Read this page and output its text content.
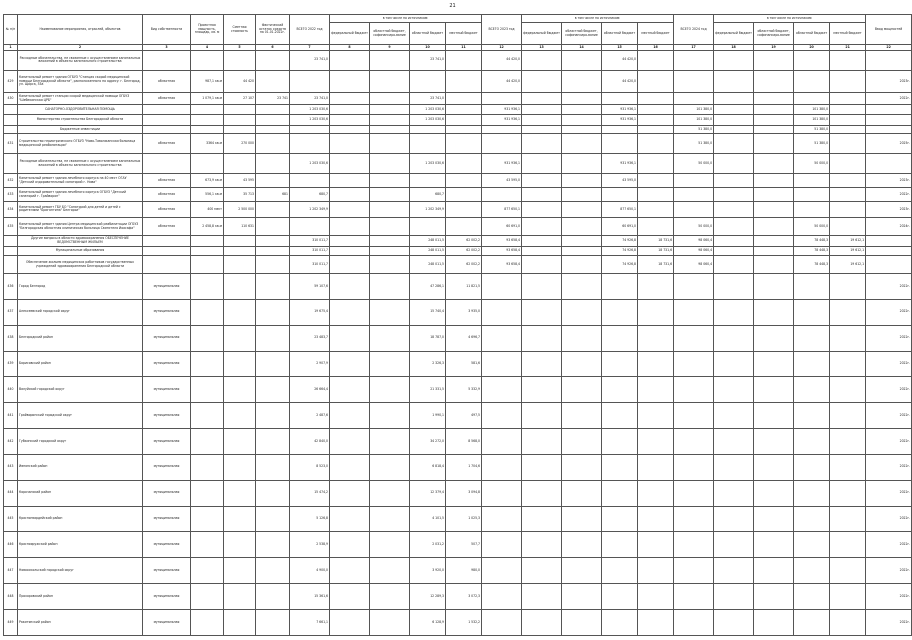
21
№ п/п	Наименование мероприятия, отраслей, объектов	Вид собственности	Проектная мощность, площадь, кв. м	Сметная стоимость	Фактический остаток средств на 01.01.2022г.	ВСЕГО 2022 год	в том числе по источникам:				ВСЕГО 2023 год	в том числе по источникам:				ВСЕГО 2024 год	в том числе по источникам:				Ввод мощностей
							федеральный бюджет	областной бюджет, софинансиро-вание	областной бюджет	местный бюджет		федеральный бюджет	областной бюджет, софинансиро-вание	областной бюджет	местный бюджет		федеральный бюджет	областной бюджет, софинансиро-вание	областной бюджет	местный бюджет	
1	2	3	4	5	6	7	8	9	10	11	12	13	14	15	16	17	18	19	20	21	22
	Расходные обязательства, не связанные с осуществлением капитальных вложений в объекты капитального строительства					23 741,0			23 741,0		44 420,0			44 420,0							
429	Капитальный ремонт здания ОГБУЗ "Станция скорой медицинской помощи Белгородской области", расположенного по адресу: г. Белгород, ул. Щорса, 53а	областная	987,1 кв.м	44 420							44 420,0			44 420,0							2023г.
430	Капитальный ремонт станции скорой медицинской помощи ОГБУЗ "Шебекинская ЦРБ"	областная	1 079,1 кв.м	27 107	23 741	23 741,0			23 741,0												2022г.
	САНАТОРНО-ОЗДОРОВИТЕЛЬНАЯ ПОМОЩЬ					1 203 030,6			1 203 030,6		931 936,1			931 936,1		101 380,0			101 380,0		
	Министерство строительства Белгородской области					1 203 030,6			1 203 030,6		931 936,1			931 936,1		101 380,0			101 380,0		
	Бюджетные инвестиции															51 380,0			51 380,0		
431	Строительство гериатрического ОГБУЗ "Ново-Таволжанская больница медицинской реабилитации"	областная	3364 кв.м	270 000												51 380,0			51 380,0		2025г.
	Расходные обязательства, не связанные с осуществлением капитальных вложений в объекты капитального строительства					1 203 030,6			1 203 030,6		931 936,1			931 936,1		50 000,0			50 000,0		
432	Капитальный ремонт здания лечебного корпуса на 40 мест ОГАУ "Детский оздоровительный санаторий г. Нива"	областная	673,9 кв.м	43 595							43 595,0			43 595,0							2023г.
433	Капитальный ремонт здания лечебного корпуса ОГБУЗ "Детский санаторий г. Грайворон"	областная	556,1 кв.м	35 713	681	680,7			680,7												2022г.
434	Капитальный ремонт ГБУ БО "Санаторий для детей и детей с родителями "Бригантина" Белгорье"	областная	400 мест	2 500 000		1 202 349,9			1 202 349,9		877 650,1			877 650,1							2023г.
435	Капитальный ремонт здания Центра медицинской реабилитации ОГБУЗ "Белгородская областная клиническая больница Святителя Иоасафа"	областная	2 458,8 кв.м	110 631							60 691,0			60 691,0		50 000,0			50 000,0		2024г.
	Другие вопросы в области здравоохранения ОБЕСПЕЧЕНИЕ ВЕДОМСТВЕННЫМ ЖИЛЬЕМ					310 011,7			248 011,5	62 002,2	93 658,4			74 926,8	18 731,6	98 060,4			78 448,3	19 612,1	
	Муниципальные образования					310 011,7			248 011,5	62 002,2	93 658,4			74 926,8	18 731,6	98 060,4			78 448,3	19 612,1	
	Обеспечение жильем медицинских работников государственных учреждений здравоохранения Белгородской области					310 011,7			248 011,5	62 002,2	93 658,4			74 926,8	18 731,6	98 060,4			78 448,3	19 612,1	
436	Город Белгород	муниципальная				59 107,6			47 286,1	11 821,5											2022г.
437	Алексеевский городской округ	муниципальная				19 675,4			15 740,4	3 935,0											2022г.
438	Белгородский район	муниципальная				23 483,7			18 787,0	4 696,7											2022г.
439	Борисовский район	муниципальная				2 907,9			2 326,3	581,6											2022г.
440	Валуйский городской округ	муниципальная				26 664,4			21 331,5	5 332,9											2022г.
441	Грайворонский городской округ	муниципальная				2 487,6			1 990,1	497,5											2022г.
442	Губкинский городской округ	муниципальная				42 840,0			34 272,0	8 568,0											2022г.
443	Ивнянский район	муниципальная				8 523,0			6 818,4	1 704,6											2022г.
444	Корочанский район	муниципальная				15 474,2			12 379,4	3 094,8											2022г.
445	Красногвардейский район	муниципальная				5 126,8			4 101,5	1 025,3											2022г.
446	Краснояружский район	муниципальная				2 538,9			2 031,2	507,7											2022г.
447	Новооскольский городской округ	муниципальная				4 900,0			3 920,0	980,0											2022г.
448	Прохоровский район	муниципальная				15 361,6			12 289,3	3 072,3											2022г.
449	Ракитянский район	муниципальная				7 661,1			6 128,9	1 532,2											2022г.
